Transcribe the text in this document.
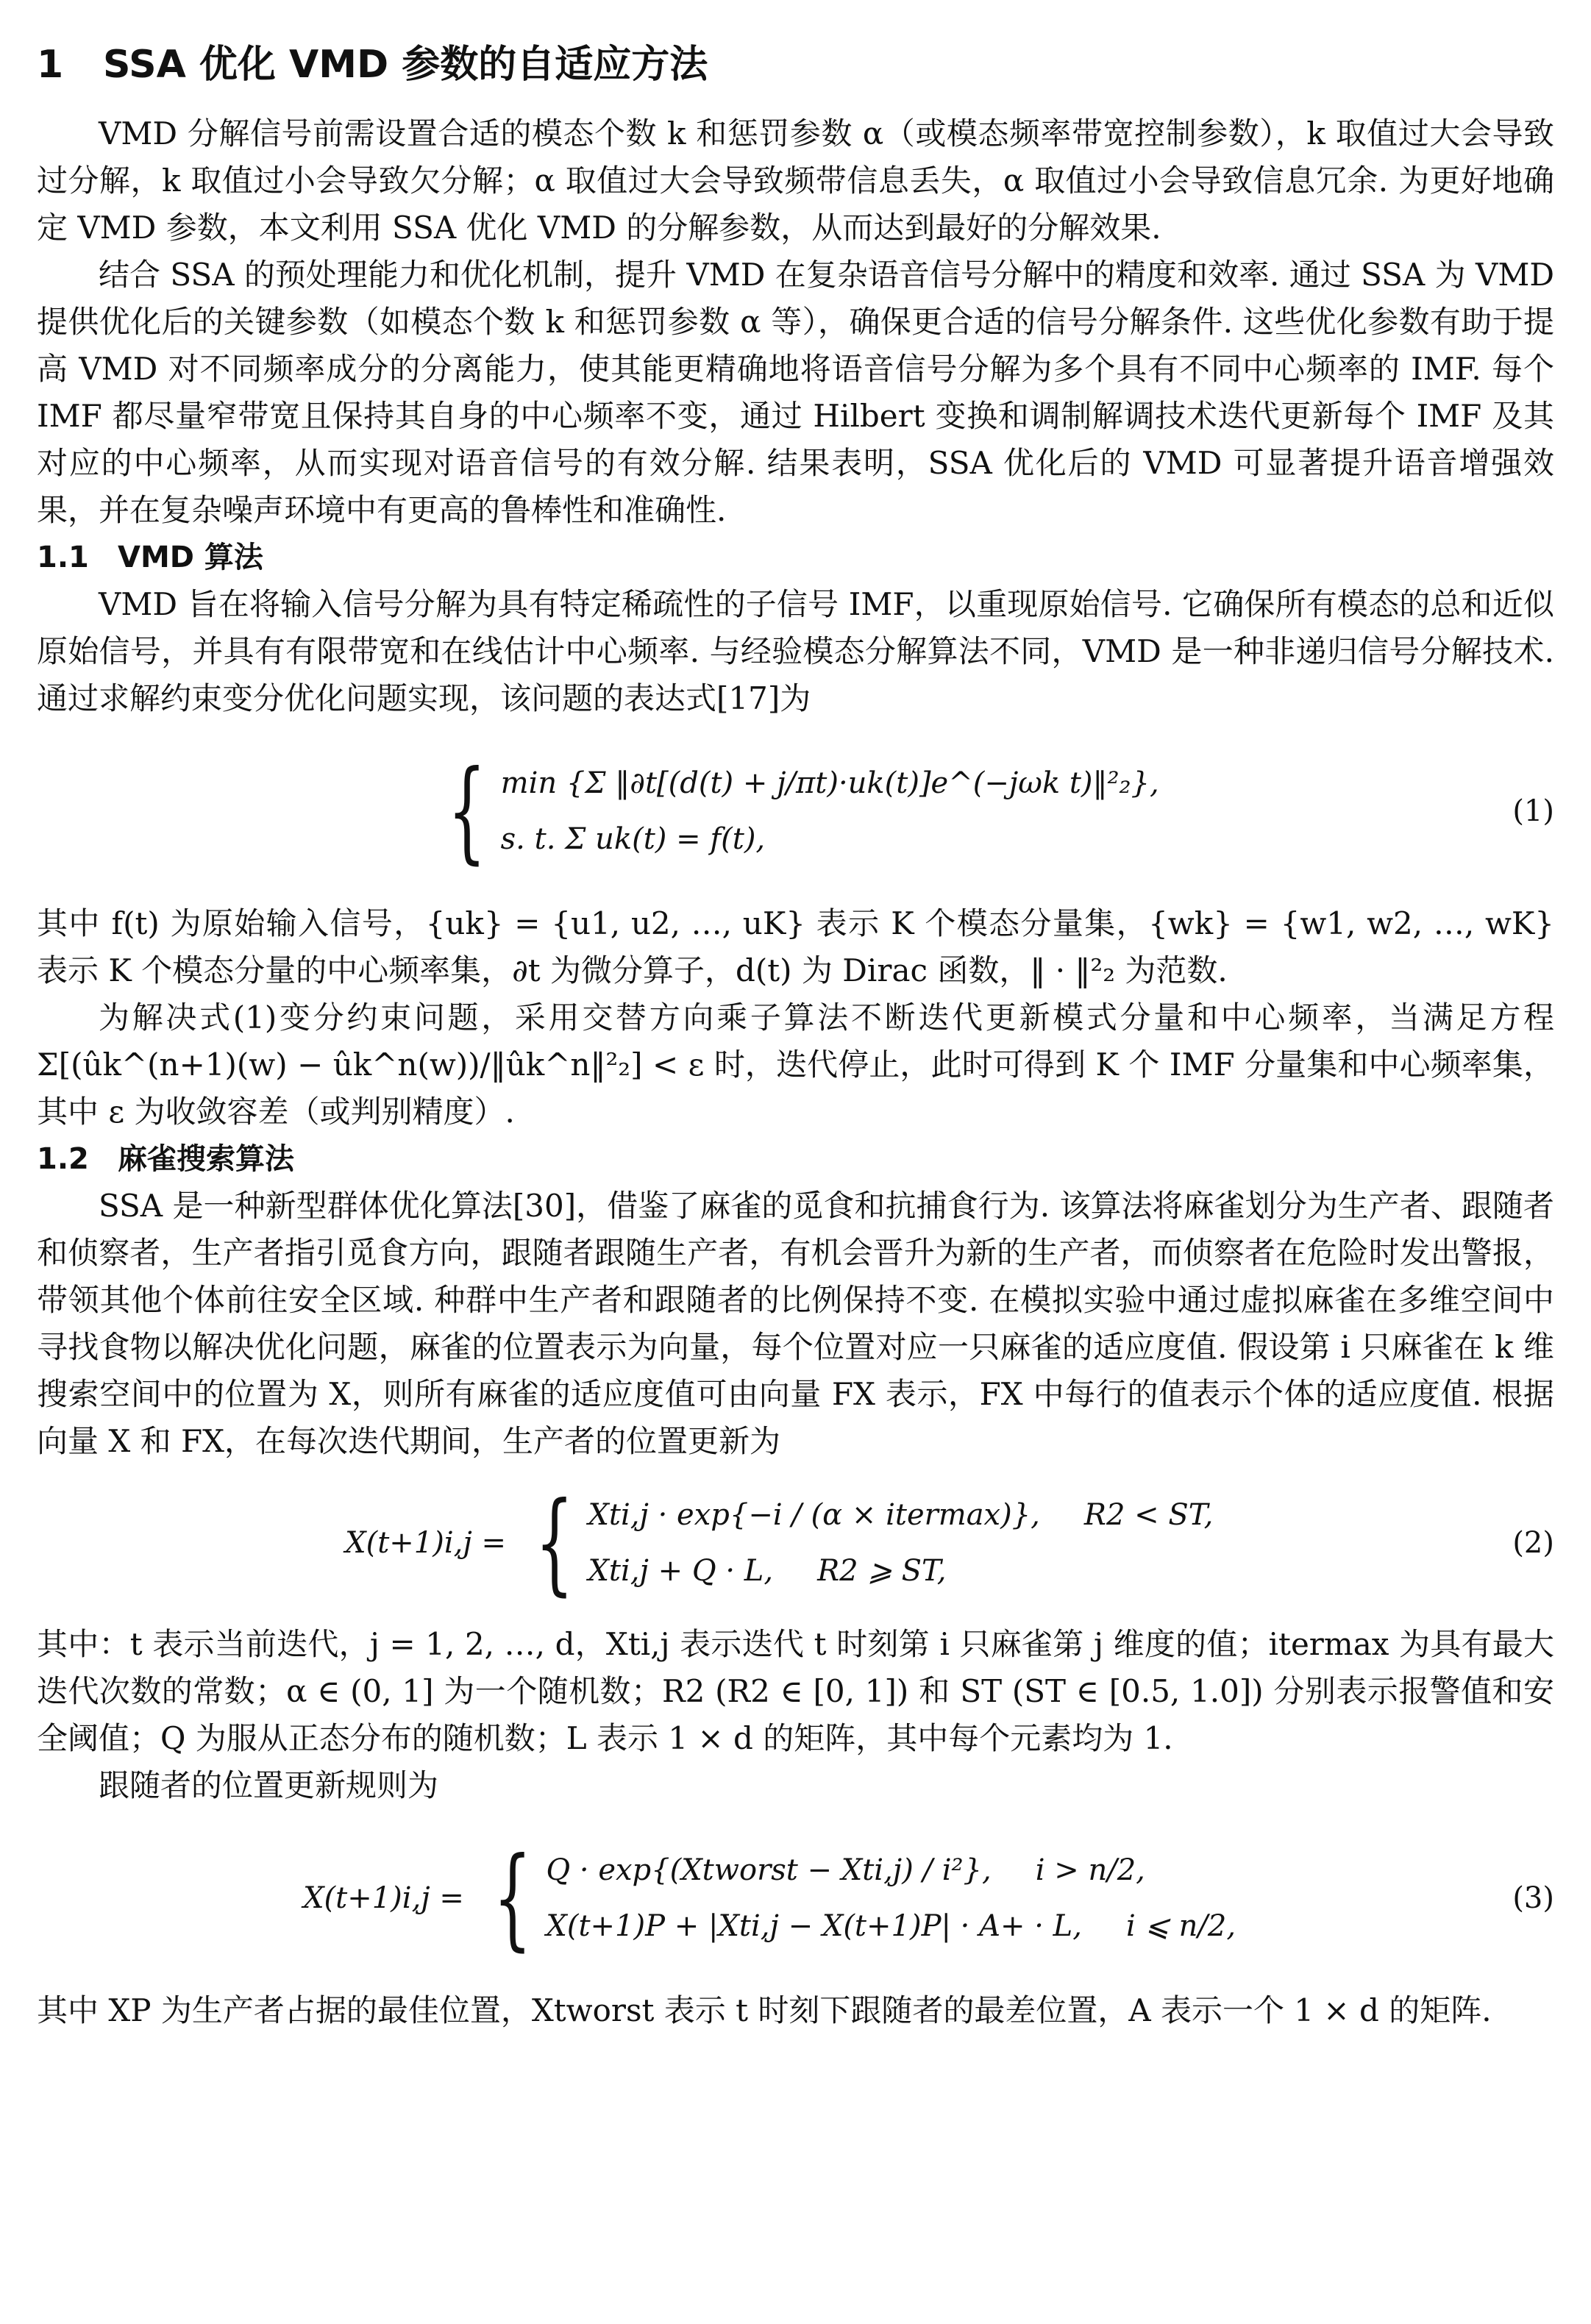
1 SSA 优化 VMD 参数的自适应方法

VMD 分解信号前需设置合适的模态个数 k 和惩罚参数 α（或模态频率带宽控制参数），k 取值过大会导致过分解，k 取值过小会导致欠分解；α 取值过大会导致频带信息丢失，α 取值过小会导致信息冗余. 为更好地确定 VMD 参数，本文利用 SSA 优化 VMD 的分解参数，从而达到最好的分解效果.

结合 SSA 的预处理能力和优化机制，提升 VMD 在复杂语音信号分解中的精度和效率. 通过 SSA 为 VMD 提供优化后的关键参数（如模态个数 k 和惩罚参数 α 等），确保更合适的信号分解条件. 这些优化参数有助于提高 VMD 对不同频率成分的分离能力，使其能更精确地将语音信号分解为多个具有不同中心频率的 IMF. 每个 IMF 都尽量窄带宽且保持其自身的中心频率不变，通过 Hilbert 变换和调制解调技术迭代更新每个 IMF 及其对应的中心频率，从而实现对语音信号的有效分解. 结果表明，SSA 优化后的 VMD 可显著提升语音增强效果，并在复杂噪声环境中有更高的鲁棒性和准确性.

1.1 VMD 算法

VMD 旨在将输入信号分解为具有特定稀疏性的子信号 IMF，以重现原始信号. 它确保所有模态的总和近似原始信号，并具有有限带宽和在线估计中心频率. 与经验模态分解算法不同，VMD 是一种非递归信号分解技术. 通过求解约束变分优化问题实现，该问题的表达式[17]为

{ min {Σ ‖∂t[(d(t) + j/πt)·uk(t)]e^(−jωk t)‖²₂},
s. t. Σ uk(t) = f(t),
(1)

其中 f(t) 为原始输入信号，{uk} = {u1, u2, …, uK} 表示 K 个模态分量集，{wk} = {w1, w2, …, wK} 表示 K 个模态分量的中心频率集，∂t 为微分算子，d(t) 为 Dirac 函数，‖ · ‖²₂ 为范数.

为解决式(1)变分约束问题，采用交替方向乘子算法不断迭代更新模式分量和中心频率，当满足方程 Σ[(ûk^(n+1)(w) − ûk^n(w))/‖ûk^n‖²₂] < ε 时，迭代停止，此时可得到 K 个 IMF 分量集和中心频率集，其中 ε 为收敛容差（或判别精度）.

1.2 麻雀搜索算法

SSA 是一种新型群体优化算法[30]，借鉴了麻雀的觅食和抗捕食行为. 该算法将麻雀划分为生产者、跟随者和侦察者，生产者指引觅食方向，跟随者跟随生产者，有机会晋升为新的生产者，而侦察者在危险时发出警报，带领其他个体前往安全区域. 种群中生产者和跟随者的比例保持不变. 在模拟实验中通过虚拟麻雀在多维空间中寻找食物以解决优化问题，麻雀的位置表示为向量，每个位置对应一只麻雀的适应度值. 假设第 i 只麻雀在 k 维搜索空间中的位置为 X，则所有麻雀的适应度值可由向量 FX 表示，FX 中每行的值表示个体的适应度值. 根据向量 X 和 FX，在每次迭代期间，生产者的位置更新为

X(t+1)i,j = { Xti,j · exp{−i / (α × itermax)}, R2 < ST,
Xti,j + Q · L, R2 ⩾ ST,
(2)

其中：t 表示当前迭代，j = 1, 2, …, d，Xti,j 表示迭代 t 时刻第 i 只麻雀第 j 维度的值；itermax 为具有最大迭代次数的常数；α ∈ (0, 1] 为一个随机数；R2 (R2 ∈ [0, 1]) 和 ST (ST ∈ [0.5, 1.0]) 分别表示报警值和安全阈值；Q 为服从正态分布的随机数；L 表示 1 × d 的矩阵，其中每个元素均为 1.

跟随者的位置更新规则为

X(t+1)i,j = { Q · exp{(Xtworst − Xti,j) / i²}, i > n/2,
X(t+1)P + |Xti,j − X(t+1)P| · A+ · L, i ⩽ n/2,
(3)

其中 XP 为生产者占据的最佳位置，Xtworst 表示 t 时刻下跟随者的最差位置，A 表示一个 1 × d 的矩阵.
